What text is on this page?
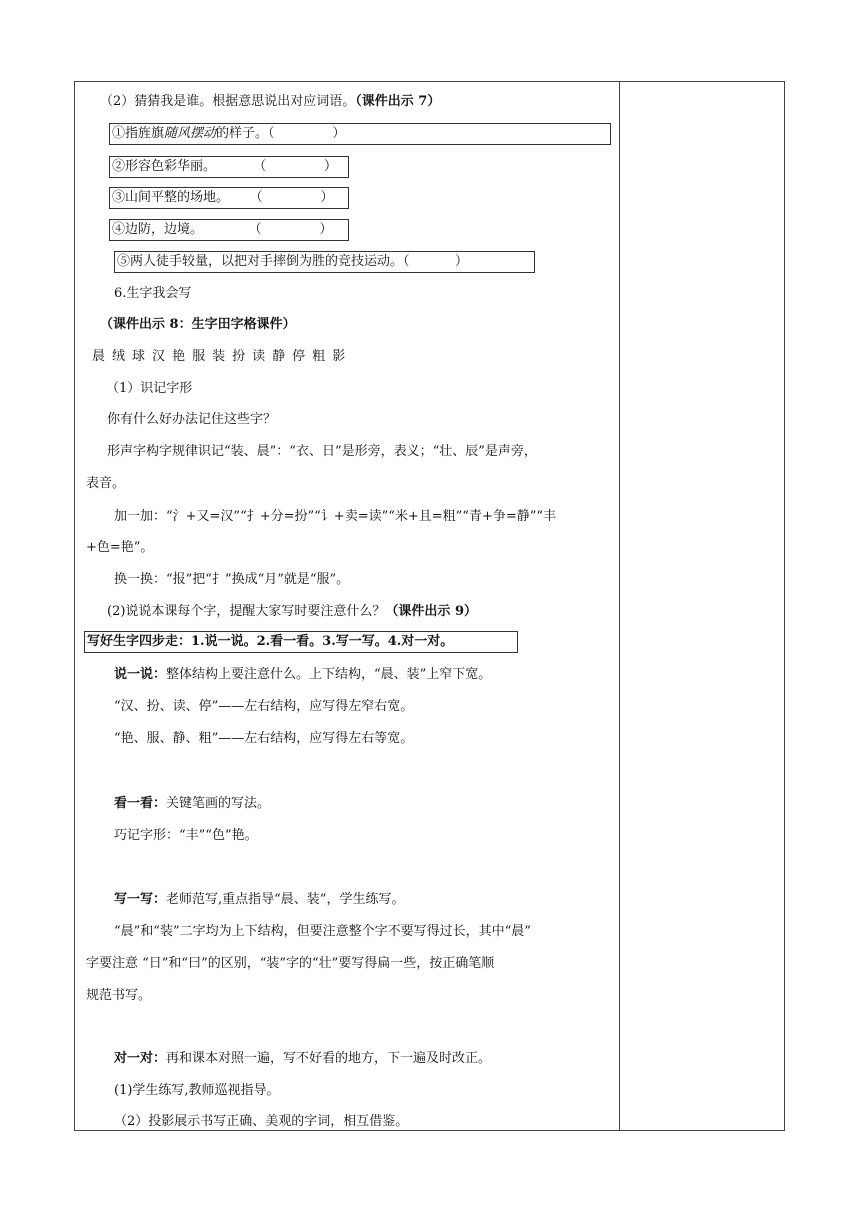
（2）猜猜我是谁。根据意思说出对应词语。（课件出示 7）
①指旌旗随风摆动的样子。（              ）
②形容色彩华丽。         （              ）
③山间平整的场地。     （              ）
④边防，边境。           （              ）
⑤两人徒手较量，以把对手摔倒为胜的竞技运动。（           ）
6.生字我会写
（课件出示 8：生字田字格课件）
晨 绒 球 汉 艳 服 装 扮 读 静 停 粗 影
（1）识记字形
你有什么好办法记住这些字？
形声字构字规律识记“装、晨”：“衣、日”是形旁，表义；“壮、辰”是声旁，
表音。
加一加：“氵+又=汉”“扌+分=扮”“讠+卖=读”“米+且=粗”“青+争=静”“丰
+色=艳”。
换一换：“报”把“扌”换成“月”就是“服”。
(2)说说本课每个字，提醒大家写时要注意什么？（课件出示 9）
写好生字四步走：1.说一说。2.看一看。3.写一写。4.对一对。
说一说：整体结构上要注意什么。上下结构，“晨、装”上窄下宽。
“汉、扮、读、停”——左右结构，应写得左窄右宽。
“艳、服、静、粗”——左右结构，应写得左右等宽。
看一看：关键笔画的写法。
巧记字形：“丰”“色”艳。
写一写：老师范写,重点指导“晨、装”，学生练写。
“晨”和“装”二字均为上下结构，但要注意整个字不要写得过长，其中“晨”
字要注意 “日”和“曰”的区别，“装”字的“壮”要写得扁一些，按正确笔顺
规范书写。
对一对：再和课本对照一遍，写不好看的地方，下一遍及时改正。
(1)学生练写,教师巡视指导。
（2）投影展示书写正确、美观的字词，相互借鉴。
